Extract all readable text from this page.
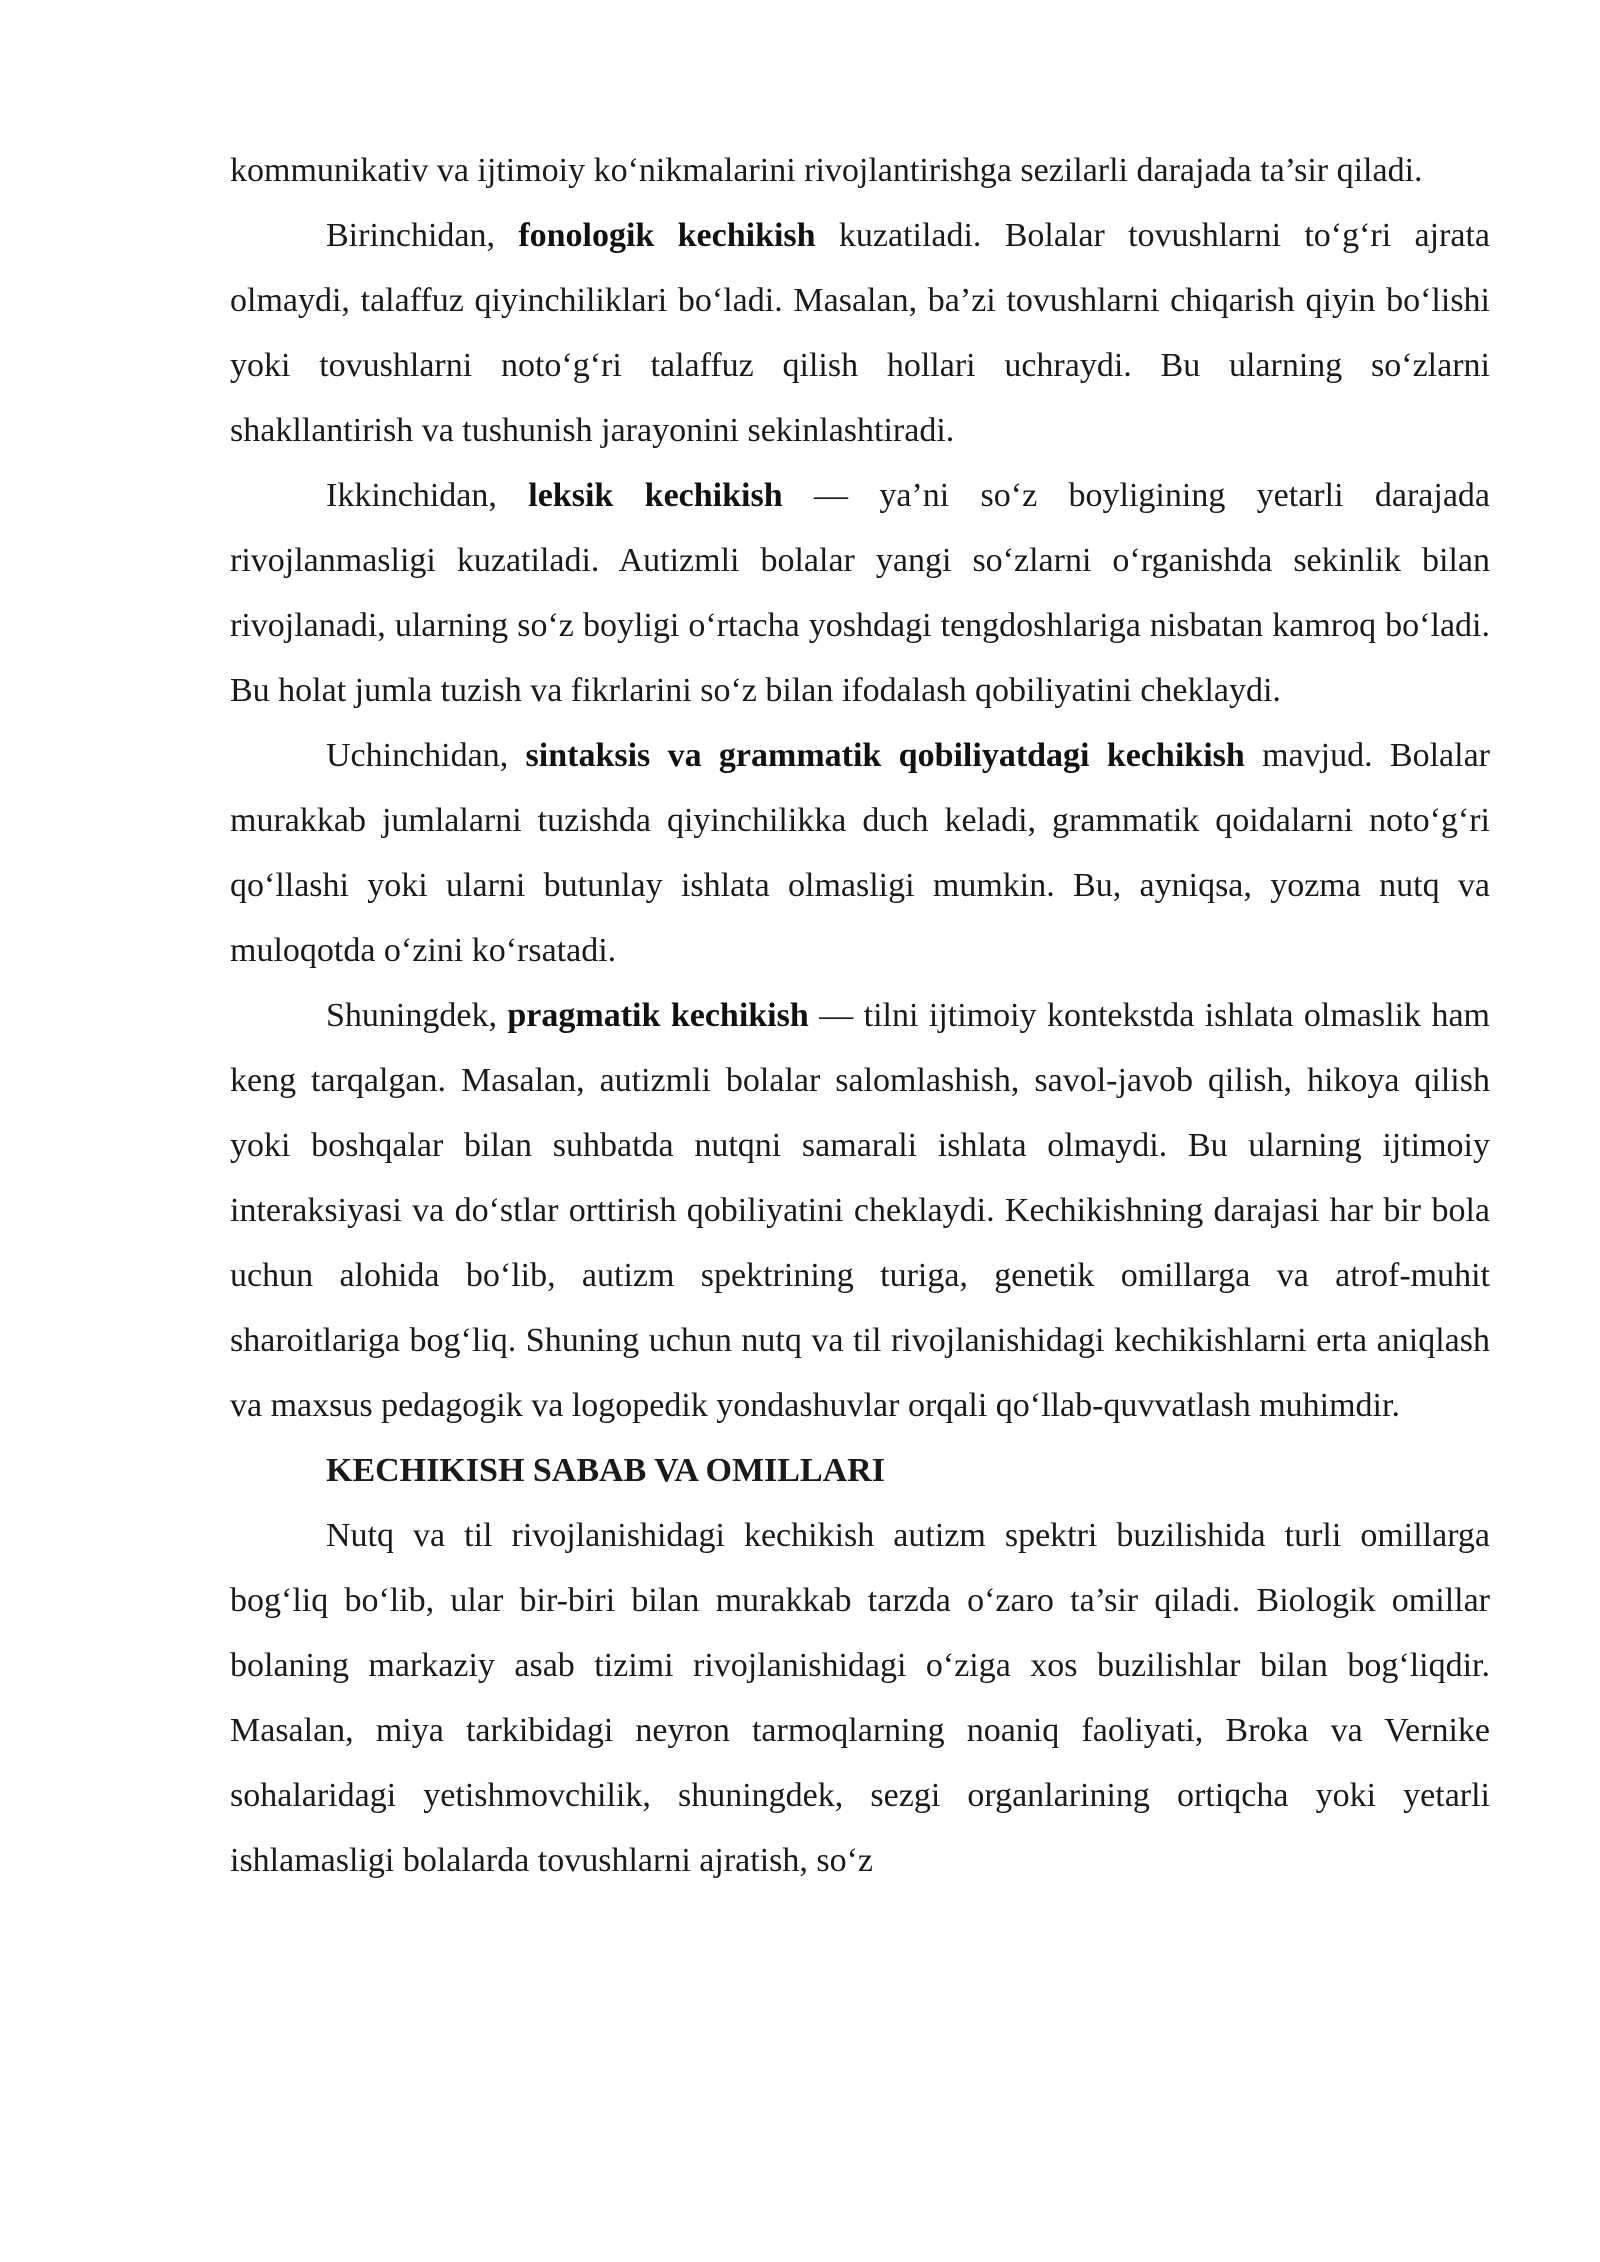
kommunikativ va ijtimoiy ko‘nikmalarini rivojlantirishga sezilarli darajada ta’sir qiladi.

Birinchidan, fonologik kechikish kuzatiladi. Bolalar tovushlarni to‘g‘ri ajrata olmaydi, talaffuz qiyinchiliklari bo‘ladi. Masalan, ba’zi tovushlarni chiqarish qiyin bo‘lishi yoki tovushlarni noto‘g‘ri talaffuz qilish hollari uchraydi. Bu ularning so‘zlarni shakllantirish va tushunish jarayonini sekinlashtiradi.

Ikkinchidan, leksik kechikish — ya’ni so‘z boyligining yetarli darajada rivojlanmasligi kuzatiladi. Autizmli bolalar yangi so‘zlarni o‘rganishda sekinlik bilan rivojlanadi, ularning so‘z boyligi o‘rtacha yoshdagi tengdoshlariga nisbatan kamroq bo‘ladi. Bu holat jumla tuzish va fikrlarini so‘z bilan ifodalash qobiliyatini cheklaydi.

Uchinchidan, sintaksis va grammatik qobiliyatdagi kechikish mavjud. Bolalar murakkab jumlalarni tuzishda qiyinchilikka duch keladi, grammatik qoidalarni noto‘g‘ri qo‘llashi yoki ularni butunlay ishlata olmasligi mumkin. Bu, ayniqsa, yozma nutq va muloqotda o‘zini ko‘rsatadi.

Shuningdek, pragmatik kechikish — tilni ijtimoiy kontekstda ishlata olmaslik ham keng tarqalgan. Masalan, autizmli bolalar salomlashish, savol-javob qilish, hikoya qilish yoki boshqalar bilan suhbatda nutqni samarali ishlata olmaydi. Bu ularning ijtimoiy interaksiyasi va do‘stlar orttirish qobiliyatini cheklaydi. Kechikishning darajasi har bir bola uchun alohida bo‘lib, autizm spektrining turiga, genetik omillarga va atrof-muhit sharoitlariga bog‘liq. Shuning uchun nutq va til rivojlanishidagi kechikishlarni erta aniqlash va maxsus pedagogik va logopedik yondashuvlar orqali qo‘llab-quvvatlash muhimdir.

KECHIKISH SABAB VA OMILLARI

Nutq va til rivojlanishidagi kechikish autizm spektri buzilishida turli omillarga bog‘liq bo‘lib, ular bir-biri bilan murakkab tarzda o‘zaro ta’sir qiladi. Biologik omillar bolaning markaziy asab tizimi rivojlanishidagi o‘ziga xos buzilishlar bilan bog‘liqdir. Masalan, miya tarkibidagi neyron tarmoqlarning noaniq faoliyati, Broka va Vernike sohalaridagi yetishmovchilik, shuningdek, sezgi organlarining ortiqcha yoki yetarli ishlamasligi bolalarda tovushlarni ajratish, so‘z
